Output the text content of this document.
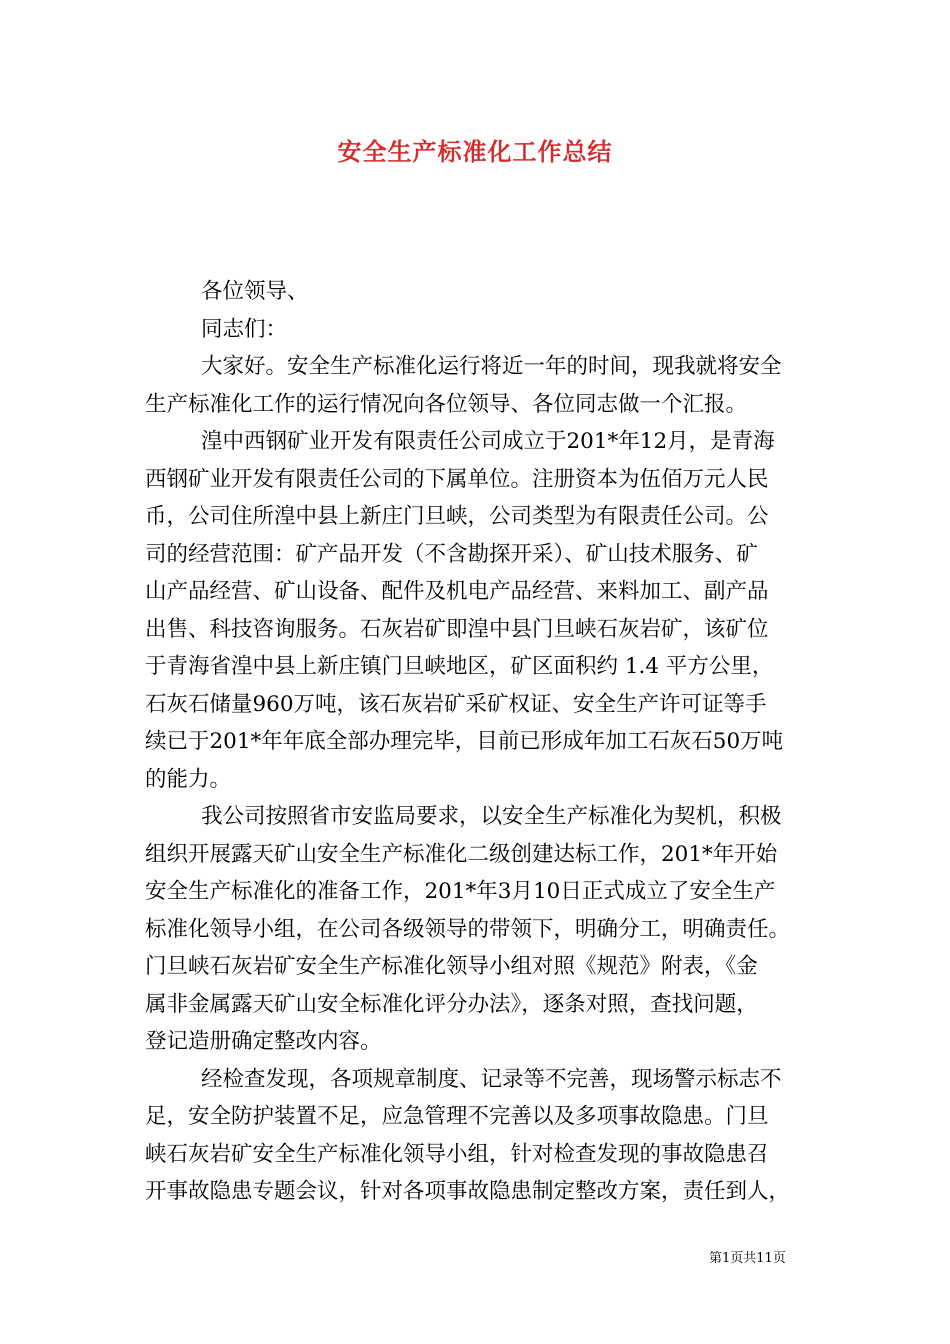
安全生产标准化工作总结
各位领导、
同志们：
大家好。安全生产标准化运行将近一年的时间，现我就将安全
生产标准化工作的运行情况向各位领导、各位同志做一个汇报。
湟中西钢矿业开发有限责任公司成立于201*年12月，是青海
西钢矿业开发有限责任公司的下属单位。注册资本为伍佰万元人民
币，公司住所湟中县上新庄门旦峡，公司类型为有限责任公司。公
司的经营范围：矿产品开发（不含勘探开采）、矿山技术服务、矿
山产品经营、矿山设备、配件及机电产品经营、来料加工、副产品
出售、科技咨询服务。石灰岩矿即湟中县门旦峡石灰岩矿，该矿位
于青海省湟中县上新庄镇门旦峡地区，矿区面积约 1.4 平方公里，
石灰石储量960万吨，该石灰岩矿采矿权证、安全生产许可证等手
续已于201*年年底全部办理完毕，目前已形成年加工石灰石50万吨
的能力。
我公司按照省市安监局要求，以安全生产标准化为契机，积极
组织开展露天矿山安全生产标准化二级创建达标工作，201*年开始
安全生产标准化的准备工作，201*年3月10日正式成立了安全生产
标准化领导小组，在公司各级领导的带领下，明确分工，明确责任。
门旦峡石灰岩矿安全生产标准化领导小组对照《规范》附表，《金
属非金属露天矿山安全标准化评分办法》，逐条对照，查找问题，
登记造册确定整改内容。
经检查发现，各项规章制度、记录等不完善，现场警示标志不
足，安全防护装置不足，应急管理不完善以及多项事故隐患。门旦
峡石灰岩矿安全生产标准化领导小组，针对检查发现的事故隐患召
开事故隐患专题会议，针对各项事故隐患制定整改方案，责任到人，
第1页共11页
